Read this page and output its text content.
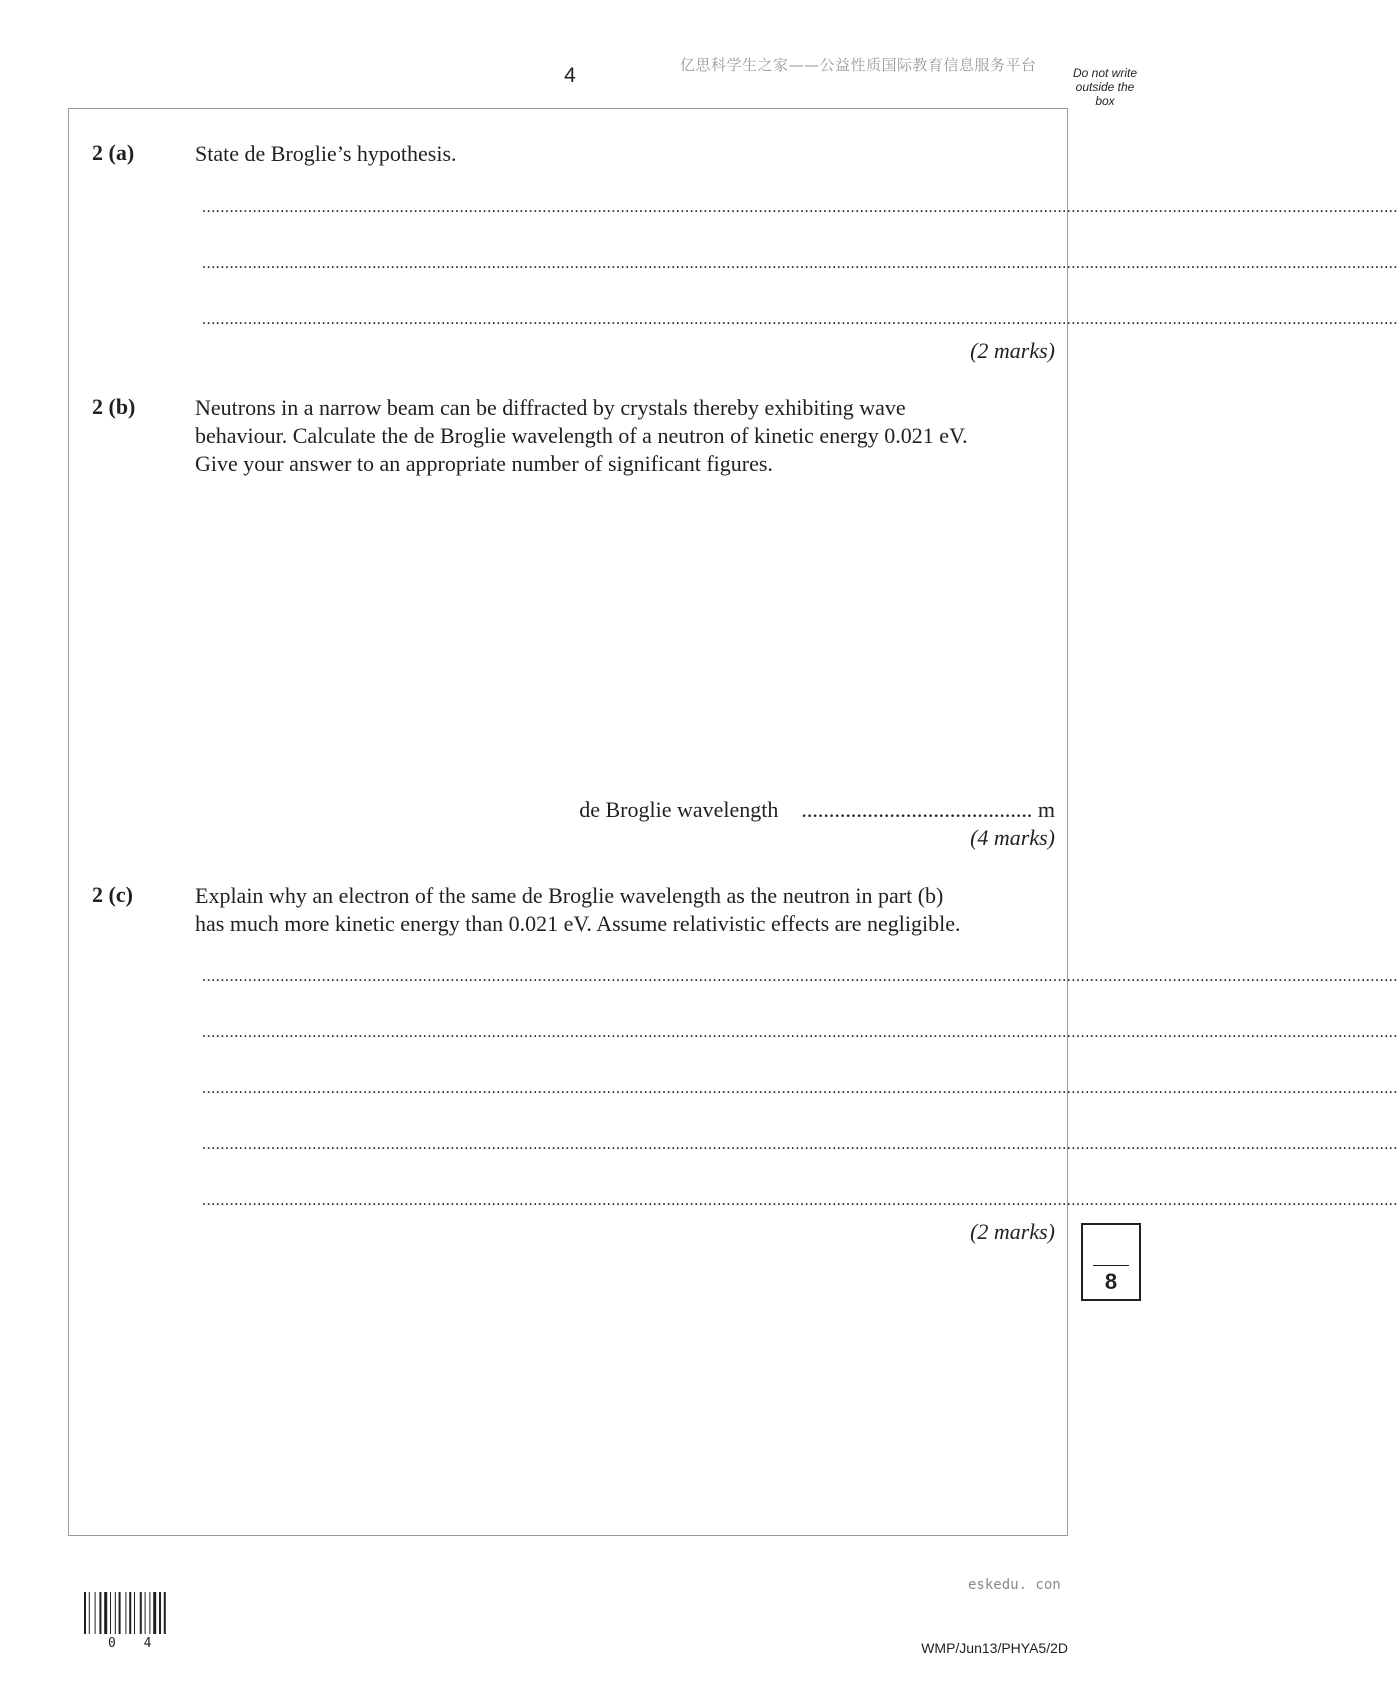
4	亿思科学生之家——公益性质国际教育信息服务平台	Do not write
outside the
box
2 (a)	State de Broglie’s hypothesis.
....................................................................................................................................................................................................................................................................
....................................................................................................................................................................................................................................................................
....................................................................................................................................................................................................................................................................
(2 marks)
2 (b)	Neutrons in a narrow beam can be diffracted by crystals thereby exhibiting wave
behaviour. Calculate the de Broglie wavelength of a neutron of kinetic energy 0.021 eV.
Give your answer to an appropriate number of significant figures.
de Broglie wavelength .......................................... m
(4 marks)
2 (c)	Explain why an electron of the same de Broglie wavelength as the neutron in part (b)
has much more kinetic energy than 0.021 eV. Assume relativistic effects are negligible.
....................................................................................................................................................................................................................................................................
....................................................................................................................................................................................................................................................................
....................................................................................................................................................................................................................................................................
....................................................................................................................................................................................................................................................................
....................................................................................................................................................................................................................................................................
(2 marks)
8
eskedu. con
0 4	WMP/Jun13/PHYA5/2D
